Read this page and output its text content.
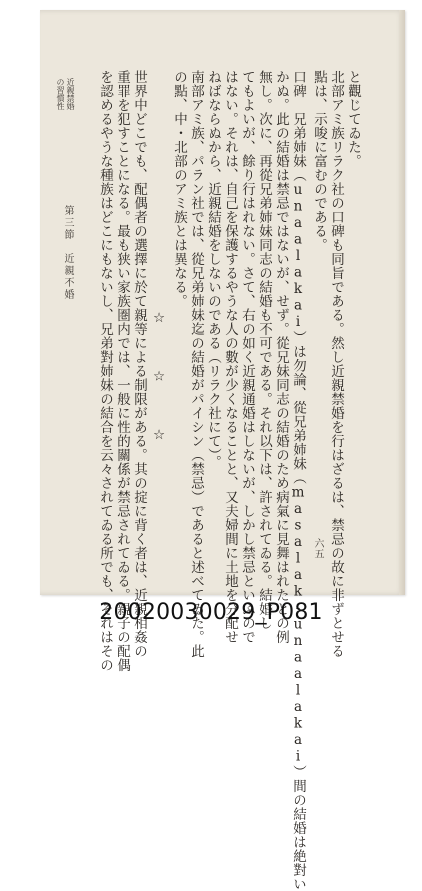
と觀じてゐた。
北部アミ族リラク社の口碑も同旨である。然し近親禁婚を行はざるは、禁忌の故に非ずとせる
點は、示唆に富むのである。
口碑　兄弟姉妹（unaalakai）は勿論、從兄弟姉妹（masalak-unaalakai）間の結婚は絶對い
かぬ。此の結婚は禁忌ではないが、せず。從兄妹同志の結婚のため病氣に見舞はれたとの例
無し。次に、再從兄弟姉妹同志の結婚も不可である。それ以下は、許されてゐる。結婚し
てもよいが、餘り行はれない。さて、右の如く近親通婚はしないが、しかし禁忌といふので
はない。それは、自己を保護するやうな人の數が少くなることと、又夫婦間に土地を分配せ
ねばならぬから、近親結婚をしないのである（リラク社にて）。
南部アミ族、パラン社では、從兄弟姉妹迄の結婚がパイシン（禁忌）であると述べてゐた。此
の點、中・北部のアミ族とは異なる。
☆　　　☆　　　☆
世界中どこでも、配偶者の選擇に於て親等による制限がある。其の掟に背く者は、近親相姦の
重罪を犯すことになる。最も狭い家族圏内では、一般に性的關係が禁忌されてゐる。親子の配偶
を認めるやうな種族はどこにもないし、兄弟對姉妹の結合を云々されてゐる所でも、それはその
近親禁婚
の習慣性
第三節　近親不婚
六五
20020030029_P081
